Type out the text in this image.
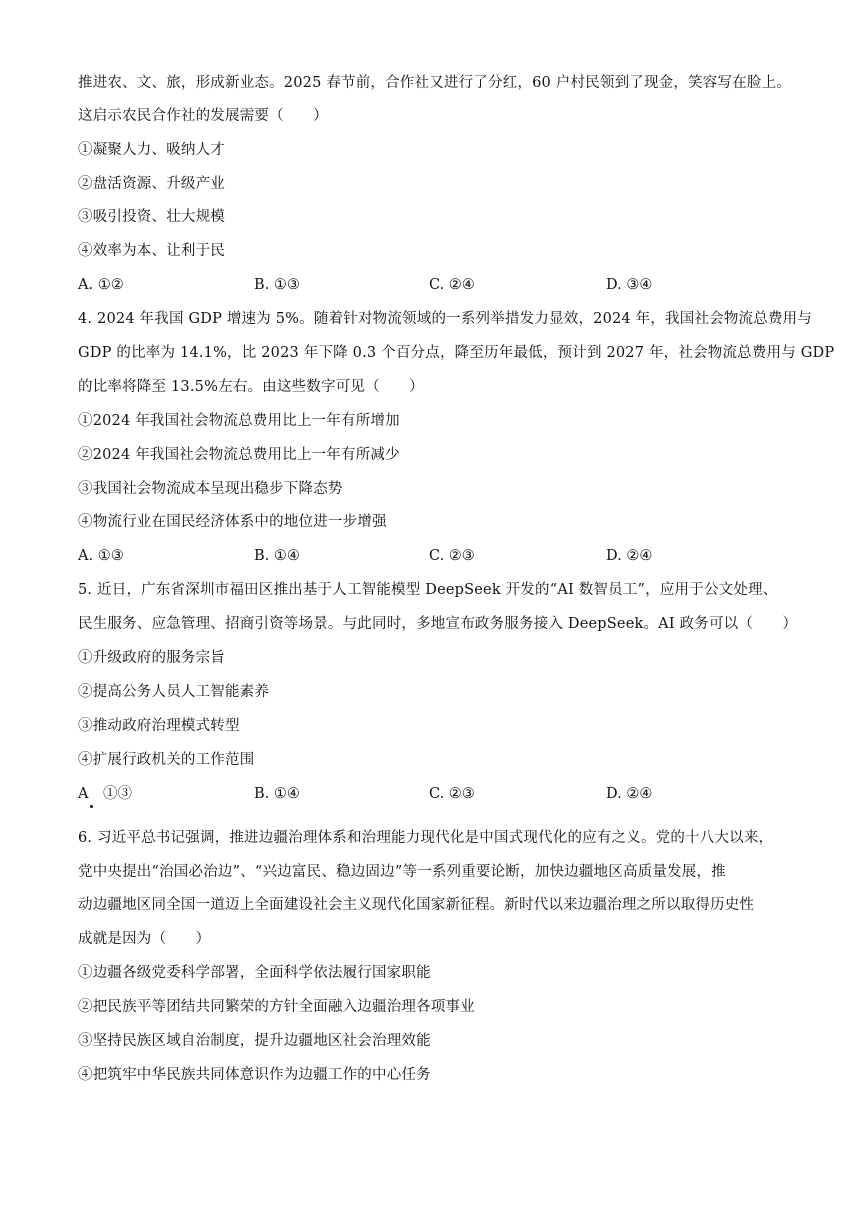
推进农、文、旅，形成新业态。2025 春节前，合作社又进行了分红，60 户村民领到了现金，笑容写在脸上。
这启示农民合作社的发展需要（　　）
①凝聚人力、吸纳人才
②盘活资源、升级产业
③吸引投资、壮大规模
④效率为本、让利于民
A. ①②	B. ①③	C. ②④	D. ③④
4. 2024 年我国 GDP 增速为 5%。随着针对物流领域的一系列举措发力显效，2024 年，我国社会物流总费用与
GDP 的比率为 14.1%，比 2023 年下降 0.3 个百分点，降至历年最低，预计到 2027 年，社会物流总费用与 GDP
的比率将降至 13.5%左右。由这些数字可见（　　）
①2024 年我国社会物流总费用比上一年有所增加
②2024 年我国社会物流总费用比上一年有所减少
③我国社会物流成本呈现出稳步下降态势
④物流行业在国民经济体系中的地位进一步增强
A. ①③	B. ①④	C. ②③	D. ②④
5. 近日，广东省深圳市福田区推出基于人工智能模型 DeepSeek 开发的“AI 数智员工”，应用于公文处理、
民生服务、应急管理、招商引资等场景。与此同时，多地宣布政务服务接入 DeepSeek。AI 政务可以（　　）
①升级政府的服务宗旨
②提高公务人员人工智能素养
③推动政府治理模式转型
④扩展行政机关的工作范围
A　①③	B. ①④	C. ②③	D. ②④
6. 习近平总书记强调，推进边疆治理体系和治理能力现代化是中国式现代化的应有之义。党的十八大以来，
党中央提出“治国必治边”、“兴边富民、稳边固边”等一系列重要论断，加快边疆地区高质量发展，推
动边疆地区同全国一道迈上全面建设社会主义现代化国家新征程。新时代以来边疆治理之所以取得历史性
成就是因为（　　）
①边疆各级党委科学部署，全面科学依法履行国家职能
②把民族平等团结共同繁荣的方针全面融入边疆治理各项事业
③坚持民族区域自治制度，提升边疆地区社会治理效能
④把筑牢中华民族共同体意识作为边疆工作的中心任务
